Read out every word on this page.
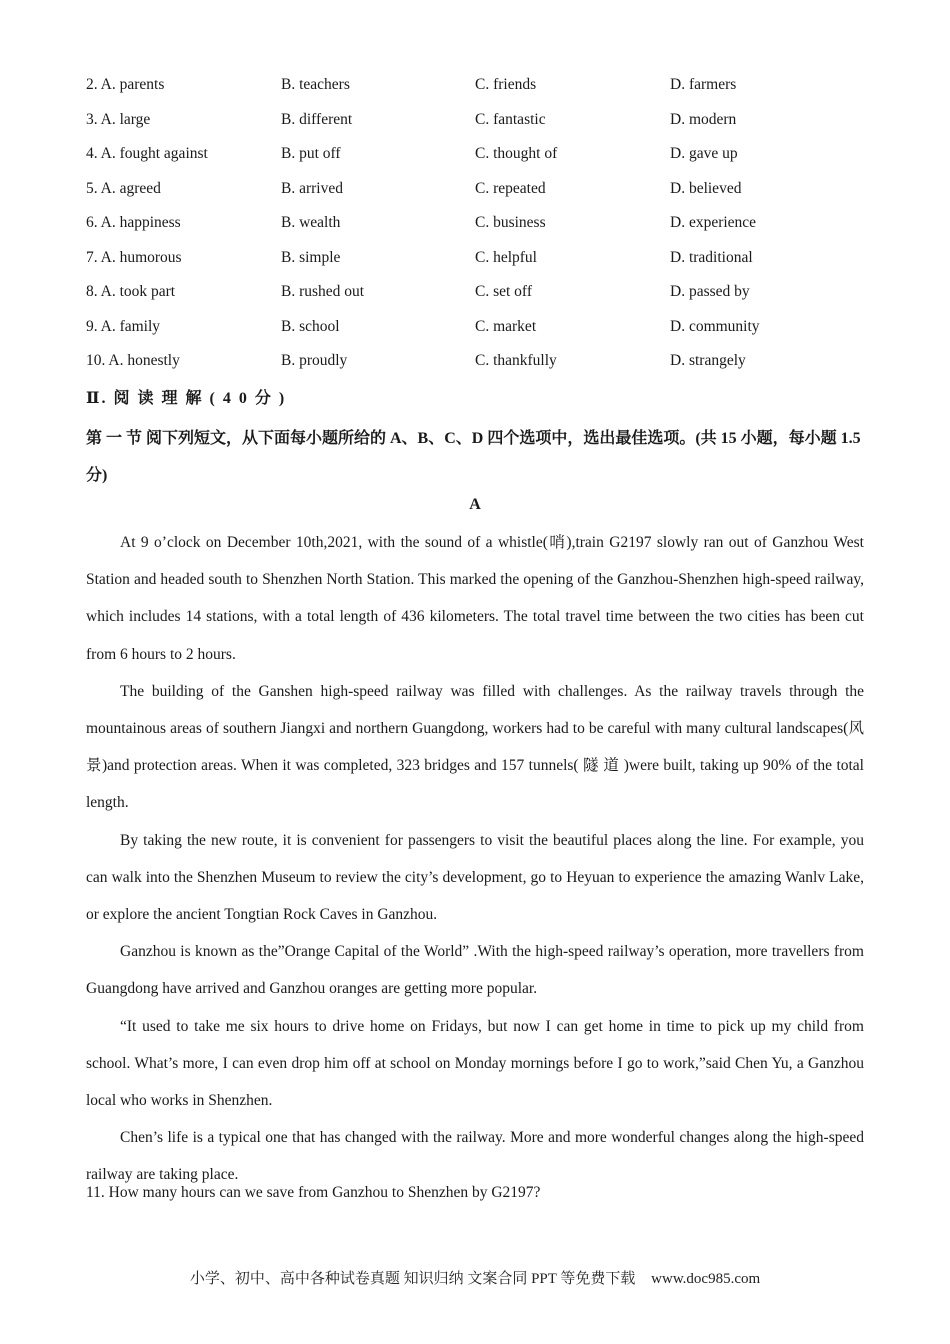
2. A. parents	B. teachers	C. friends	D. farmers
3. A. large	B. different	C. fantastic	D. modern
4. A. fought against	B. put off	C. thought of	D. gave up
5. A. agreed	B. arrived	C. repeated	D. believed
6. A. happiness	B. wealth	C. business	D. experience
7. A. humorous	B. simple	C. helpful	D. traditional
8. A. took part	B. rushed out	C. set off	D. passed by
9. A. family	B. school	C. market	D. community
10. A. honestly	B. proudly	C. thankfully	D. strangely
Ⅱ. 阅 读 理 解 ( 4 0 分 )
第 一 节 阅下列短文，从下面每小题所给的 A、B、C、D 四个选项中，选出最佳选项。(共 15 小题，每小题 1.5 分)
A

At 9 o’clock on December 10th,2021, with the sound of a whistle(哨),train G2197 slowly ran out of Ganzhou West Station and headed south to Shenzhen North Station. This marked the opening of the Ganzhou-Shenzhen high-speed railway, which includes 14 stations, with a total length of 436 kilometers. The total travel time between the two cities has been cut from 6 hours to 2 hours.

The building of the Ganshen high-speed railway was filled with challenges. As the railway travels through the mountainous areas of southern Jiangxi and northern Guangdong, workers had to be careful with many cultural landscapes(风景)and protection areas. When it was completed, 323 bridges and 157 tunnels( 隧 道 )were built, taking up 90% of the total length.

By taking the new route, it is convenient for passengers to visit the beautiful places along the line. For example, you can walk into the Shenzhen Museum to review the city’s development, go to Heyuan to experience the amazing Wanlv Lake, or explore the ancient Tongtian Rock Caves in Ganzhou.

Ganzhou is known as the”Orange Capital of the World” .With the high-speed railway’s operation, more travellers from Guangdong have arrived and Ganzhou oranges are getting more popular.

“It used to take me six hours to drive home on Fridays, but now I can get home in time to pick up my child from school. What’s more, I can even drop him off at school on Monday mornings before I go to work,”said Chen Yu, a Ganzhou local who works in Shenzhen.

Chen’s life is a typical one that has changed with the railway. More and more wonderful changes along the high-speed railway are taking place.

11. How many hours can we save from Ganzhou to Shenzhen by G2197?
小学、初中、高中各种试卷真题 知识归纳 文案合同 PPT 等免费下载 www.doc985.com
